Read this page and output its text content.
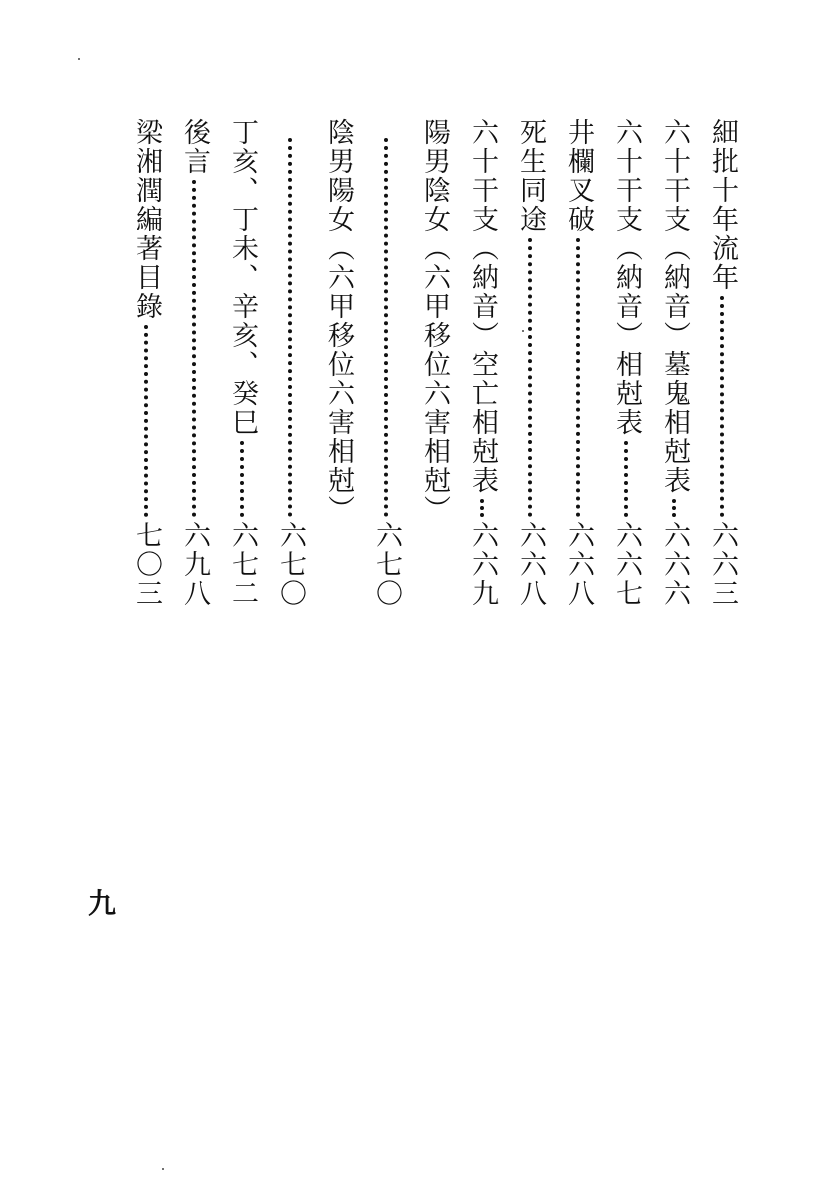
細批十年流年
六六三
六十干支（納音）墓鬼相尅表
六六六
六十干支（納音）相尅表
六六七
井欄叉破
六六八
死生同途
六六八
六十干支（納音）空亡相尅表
六六九
陽男陰女（六甲移位六害相尅）
六七〇
陰男陽女（六甲移位六害相尅）
六七〇
丁亥、丁未、辛亥、癸巳
六七二
後言
六九八
梁湘潤編著目錄
七〇三
九
